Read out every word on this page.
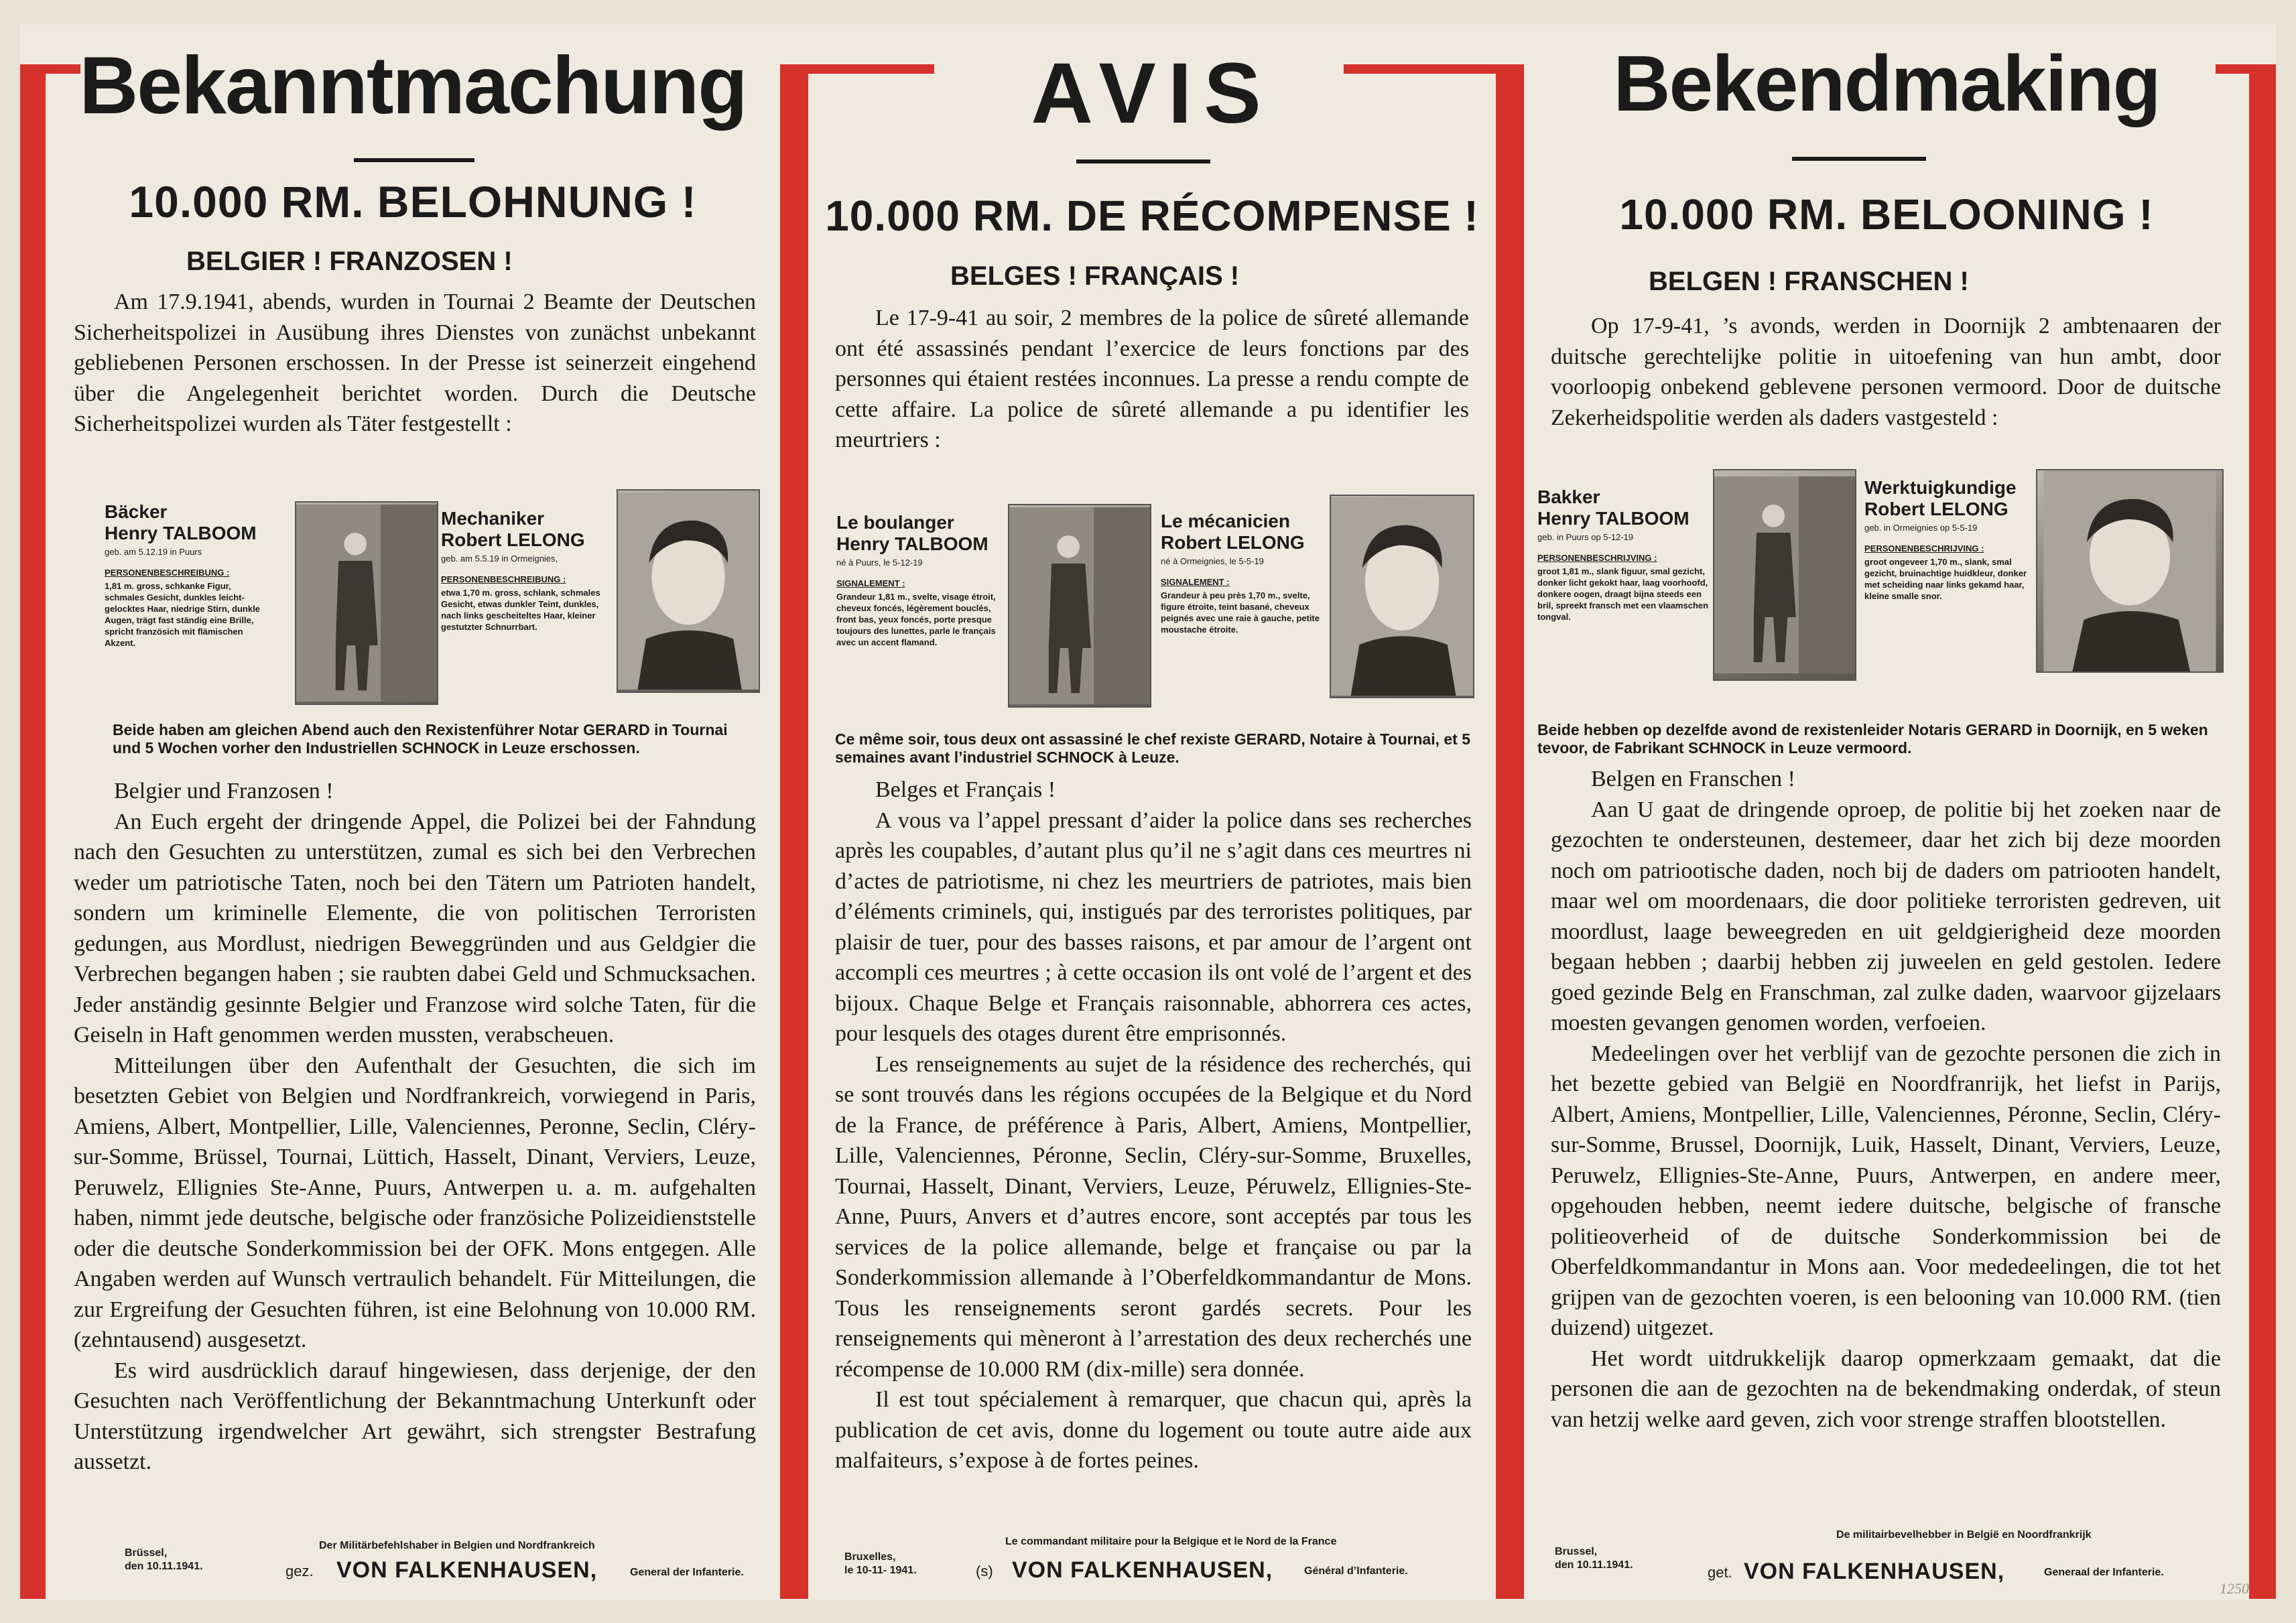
Bekanntmachung
10.000 RM. BELOHNUNG !
BELGIER ! FRANZOSEN !

Am 17.9.1941, abends, wurden in Tournai 2 Beamte der Deutschen Sicherheitspolizei in Ausübung ihres Dienstes von zunächst unbekannt gebliebenen Personen erschossen. In der Presse ist seinerzeit eingehend über die Angelegenheit berichtet worden. Durch die Deutsche Sicherheitspolizei wurden als Täter festgestellt :

Bäcker
Henry TALBOOM
geb. am 5.12.19 in Puurs
PERSONENBESCHREIBUNG :
1,81 m. gross, schkanke Figur, schmales Gesicht, dunkles leicht-gelocktes Haar, niedrige Stirn, dunkle Augen, trägt fast ständig eine Brille, spricht französich mit flämischen Akzent.
Mechaniker
Robert LELONG
geb. am 5.5.19 in Ormeignies,
PERSONENBESCHREIBUNG :
etwa 1,70 m. gross, schlank, schmales Gesicht, etwas dunkler Teint, dunkles, nach links gescheiteltes Haar, kleiner gestutzter Schnurrbart.
Beide haben am gleichen Abend auch den Rexistenführer Notar GERARD in Tournai und 5 Wochen vorher den Industriellen SCHNOCK in Leuze erschossen.

Belgier und Franzosen !

An Euch ergeht der dringende Appel, die Polizei bei der Fahndung nach den Gesuchten zu unterstützen, zumal es sich bei den Verbrechen weder um patriotische Taten, noch bei den Tätern um Patrioten handelt, sondern um kriminelle Elemente, die von politischen Terroristen gedungen, aus Mordlust, niedrigen Beweggründen und aus Geldgier die Verbrechen begangen haben ; sie raubten dabei Geld und Schmucksachen. Jeder anständig gesinnte Belgier und Franzose wird solche Taten, für die Geiseln in Haft genommen werden mussten, verabscheuen.

Mitteilungen über den Aufenthalt der Gesuchten, die sich im besetzten Gebiet von Belgien und Nordfrankreich, vorwiegend in Paris, Amiens, Albert, Montpellier, Lille, Valenciennes, Peronne, Seclin, Cléry-sur-Somme, Brüssel, Tournai, Lüttich, Hasselt, Dinant, Verviers, Leuze, Peruwelz, Ellignies Ste-Anne, Puurs, Antwerpen u. a. m. aufgehalten haben, nimmt jede deutsche, belgische oder französiche Polizeidienststelle oder die deutsche Sonderkommission bei der OFK. Mons entgegen. Alle Angaben werden auf Wunsch vertraulich behandelt. Für Mitteilungen, die zur Ergreifung der Gesuchten führen, ist eine Belohnung von 10.000 RM. (zehntausend) ausgesetzt.

Es wird ausdrücklich darauf hingewiesen, dass derjenige, der den Gesuchten nach Veröffentlichung der Bekanntmachung Unterkunft oder Unterstützung irgendwelcher Art gewährt, sich strengster Bestrafung aussetzt.

Brüssel,
den 10.11.1941.
Der Militärbefehlshaber in Belgien und Nordfrankreich
gez. VON FALKENHAUSEN,	General der Infanterie.
AVIS
10.000 RM. DE RÉCOMPENSE !
BELGES ! FRANÇAIS !

Le 17-9-41 au soir, 2 membres de la police de sûreté allemande ont été assassinés pendant l’exercice de leurs fonctions par des personnes qui étaient restées inconnues. La presse a rendu compte de cette affaire. La police de sûreté allemande a pu identifier les meurtriers :

Le boulanger
Henry TALBOOM
né à Puurs, le 5-12-19
SIGNALEMENT :
Grandeur 1,81 m., svelte, visage étroit, cheveux foncés, légèrement bouclés, front bas, yeux foncés, porte presque toujours des lunettes, parle le français avec un accent flamand.
Le mécanicien
Robert LELONG
né à Ormeignies, le 5-5-19
SIGNALEMENT :
Grandeur à peu près 1,70 m., svelte, figure étroite, teint basané, cheveux peignés avec une raie à gauche, petite moustache étroite.
Ce même soir, tous deux ont assassiné le chef rexiste GERARD, Notaire à Tournai, et 5 semaines avant l’industriel SCHNOCK à Leuze.

Belges et Français !

A vous va l’appel pressant d’aider la police dans ses recherches après les coupables, d’autant plus qu’il ne s’agit dans ces meurtres ni d’actes de patriotisme, ni chez les meurtriers de patriotes, mais bien d’éléments criminels, qui, instigués par des terroristes politiques, par plaisir de tuer, pour des basses raisons, et par amour de l’argent ont accompli ces meurtres ; à cette occasion ils ont volé de l’argent et des bijoux. Chaque Belge et Français raisonnable, abhorrera ces actes, pour lesquels des otages durent être emprisonnés.

Les renseignements au sujet de la résidence des recherchés, qui se sont trouvés dans les régions occupées de la Belgique et du Nord de la France, de préférence à Paris, Albert, Amiens, Montpellier, Lille, Valenciennes, Péronne, Seclin, Cléry-sur-Somme, Bruxelles, Tournai, Hasselt, Dinant, Verviers, Leuze, Péruwelz, Ellignies-Ste-Anne, Puurs, Anvers et d’autres encore, sont acceptés par tous les services de la police allemande, belge et française ou par la Sonderkommission allemande à l’Oberfeldkommandantur de Mons. Tous les renseignements seront gardés secrets. Pour les renseignements qui mèneront à l’arrestation des deux recherchés une récompense de 10.000 RM (dix-mille) sera donnée.

Il est tout spécialement à remarquer, que chacun qui, après la publication de cet avis, donne du logement ou toute autre aide aux malfaiteurs, s’expose à de fortes peines.

Bruxelles,
le 10-11- 1941.
Le commandant militaire pour la Belgique et le Nord de la France
(s) VON FALKENHAUSEN,	Général d’Infanterie.
Bekendmaking
10.000 RM. BELOONING !
BELGEN ! FRANSCHEN !

Op 17-9-41, ’s avonds, werden in Doornijk 2 ambtenaaren der duitsche gerechtelijke politie in uitoefening van hun ambt, door voorloopig onbekend geblevene personen vermoord. Door de duitsche Zekerheidspolitie werden als daders vastgesteld :

Bakker
Henry TALBOOM
geb. in Puurs op 5-12-19
PERSONENBESCHRIJVING :
groot 1,81 m., slank figuur, smal gezicht, donker licht gekokt haar, laag voorhoofd, donkere oogen, draagt bijna steeds een bril, spreekt fransch met een vlaamschen tongval.
Werktuigkundige
Robert LELONG
geb. in Ormeignies op 5-5-19
PERSONENBESCHRIJVING :
groot ongeveer 1,70 m., slank, smal gezicht, bruinachtige huidkleur, donker met scheiding naar links gekamd haar, kleine smalle snor.
Beide hebben op dezelfde avond de rexistenleider Notaris GERARD in Doornijk, en 5 weken tevoor, de Fabrikant SCHNOCK in Leuze vermoord.

Belgen en Franschen !

Aan U gaat de dringende oproep, de politie bij het zoeken naar de gezochten te ondersteunen, destemeer, daar het zich bij deze moorden noch om patriootische daden, noch bij de daders om patriooten handelt, maar wel om moordenaars, die door politieke terroristen gedreven, uit moordlust, laage beweegreden en uit geldgierigheid deze moorden begaan hebben ; daarbij hebben zij juweelen en geld gestolen. Iedere goed gezinde Belg en Franschman, zal zulke daden, waarvoor gijzelaars moesten gevangen genomen worden, verfoeien.

Medeelingen over het verblijf van de gezochte personen die zich in het bezette gebied van België en Noordfranrijk, het liefst in Parijs, Albert, Amiens, Montpellier, Lille, Valenciennes, Péronne, Seclin, Cléry-sur-Somme, Brussel, Doornijk, Luik, Hasselt, Dinant, Verviers, Leuze, Peruwelz, Ellignies-Ste-Anne, Puurs, Antwerpen, en andere meer, opgehouden hebben, neemt iedere duitsche, belgische of fransche politieoverheid of de duitsche Sonderkommission bei de Oberfeldkommandantur in Mons aan. Voor mededeelingen, die tot het grijpen van de gezochten voeren, is een belooning van 10.000 RM. (tien duizend) uitgezet.

Het wordt uitdrukkelijk daarop opmerkzaam gemaakt, dat die personen die aan de gezochten na de bekendmaking onderdak, of steun van hetzij welke aard geven, zich voor strenge straffen blootstellen.

Brussel,
den 10.11.1941.
De militairbevelhebber in België en Noordfrankrijk
get. VON FALKENHAUSEN,	Generaal der Infanterie.
1250
